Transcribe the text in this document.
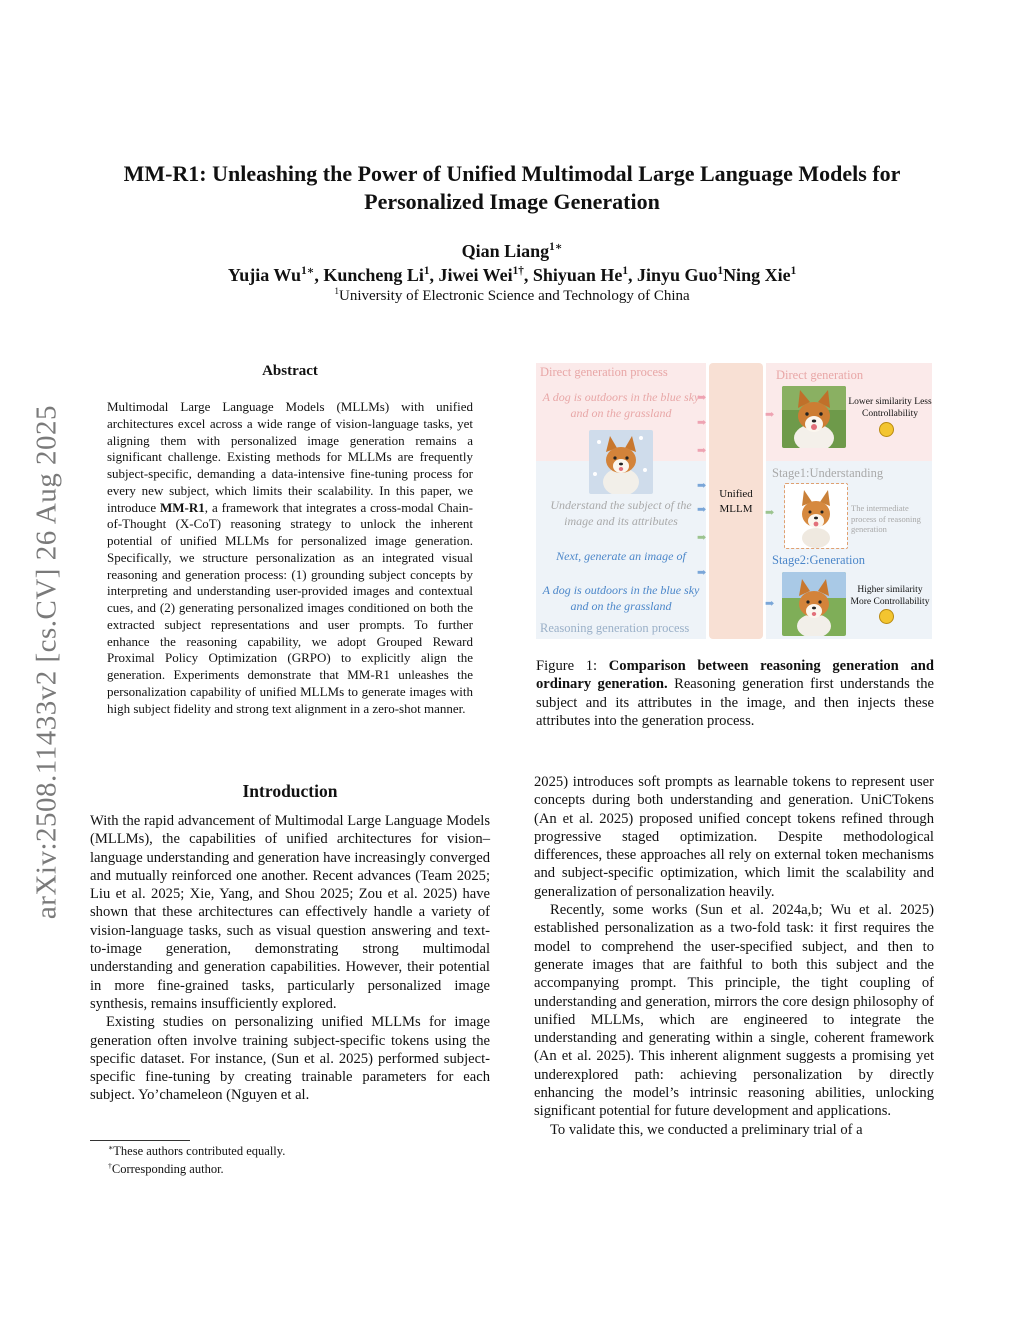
arXiv:2508.11433v2 [cs.CV] 26 Aug 2025
MM-R1: Unleashing the Power of Unified Multimodal Large Language Models for
Personalized Image Generation
Qian Liang$^{1∗}$
Yujia $Wu^{1∗}$, Kuncheng Li$^1$, Jiwei Wei$^{1\dagger}$, Shiyuan He$^1$, Jinyu Guo$^1$Ning Xie$^1$
$^1$University of Electronic Science and Technology of China
Abstract
Multimodal Large Language Models (MLLMs) with unified architectures excel across a wide range of vision-language tasks, yet aligning them with personalized image generation remains a significant challenge. Existing methods for MLLMs are frequently subject-specific, demanding a data-intensive fine-tuning process for every new subject, which limits their scalability. In this paper, we introduce MM-R1, a framework that integrates a cross-modal Chain-of-Thought (X-CoT) reasoning strategy to unlock the inherent potential of unified MLLMs for personalized image generation. Specifically, we structure personalization as an integrated visual reasoning and generation process: (1) grounding subject concepts by interpreting and understanding user-provided images and contextual cues, and (2) generating personalized images conditioned on both the extracted subject representations and user prompts. To further enhance the reasoning capability, we adopt Grouped Reward Proximal Policy Optimization (GRPO) to explicitly align the generation. Experiments demonstrate that MM-R1 unleashes the personalization capability of unified MLLMs to generate images with high subject fidelity and strong text alignment in a zero-shot manner.
Introduction

With the rapid advancement of Multimodal Large Language Models (MLLMs), the capabilities of unified architectures for vision–language understanding and generation have increasingly converged and mutually reinforced one another. Recent advances (Team 2025; Liu et al. 2025; Xie, Yang, and Shou 2025; Zou et al. 2025) have shown that these architectures can effectively handle a variety of vision-language tasks, such as visual question answering and text-to-image generation, demonstrating strong multimodal understanding and generation capabilities. However, their potential in more fine-grained tasks, particularly personalized image synthesis, remains insufficiently explored.

Existing studies on personalizing unified MLLMs for image generation often involve training subject-specific tokens using the specific dataset. For instance, (Sun et al. 2025) performed subject-specific fine-tuning by creating trainable parameters for each subject. Yo’chameleon (Nguyen et al.

∗These authors contributed equally.
†Corresponding author.
Direct generation process
A dog is outdoors in the blue sky and on the grassland
Understand the subject of the image and its attributes
Next, generate an image of
A dog is outdoors in the blue sky and on the grassland
Reasoning generation process
➡
➡
➡
➡
➡
➡
➡
Unified MLLM
➡
➡
➡
Direct generation
Lower similarity Less Controllability
Stage1:Understanding
The intermediate process of reasoning generation
Stage2:Generation
Higher similarity More Controllability
Figure 1: Comparison between reasoning generation and ordinary generation. Reasoning generation first understands the subject and its attributes in the image, and then injects these attributes into the generation process.

2025) introduces soft prompts as learnable tokens to represent user concepts during both understanding and generation. UniCTokens (An et al. 2025) proposed unified concept tokens refined through progressive staged optimization. Despite methodological differences, these approaches all rely on external token mechanisms and subject-specific optimization, which limit the scalability and generalization of personalization heavily.

Recently, some works (Sun et al. 2024a,b; Wu et al. 2025) established personalization as a two-fold task: it first requires the model to comprehend the user-specified subject, and then to generate images that are faithful to both this subject and the accompanying prompt. This principle, the tight coupling of understanding and generation, mirrors the core design philosophy of unified MLLMs, which are engineered to integrate the understanding and generating within a single, coherent framework (An et al. 2025). This inherent alignment suggests a promising yet underexplored path: achieving personalization by directly enhancing the model’s intrinsic reasoning abilities, unlocking significant potential for future development and applications.

To validate this, we conducted a preliminary trial of a
